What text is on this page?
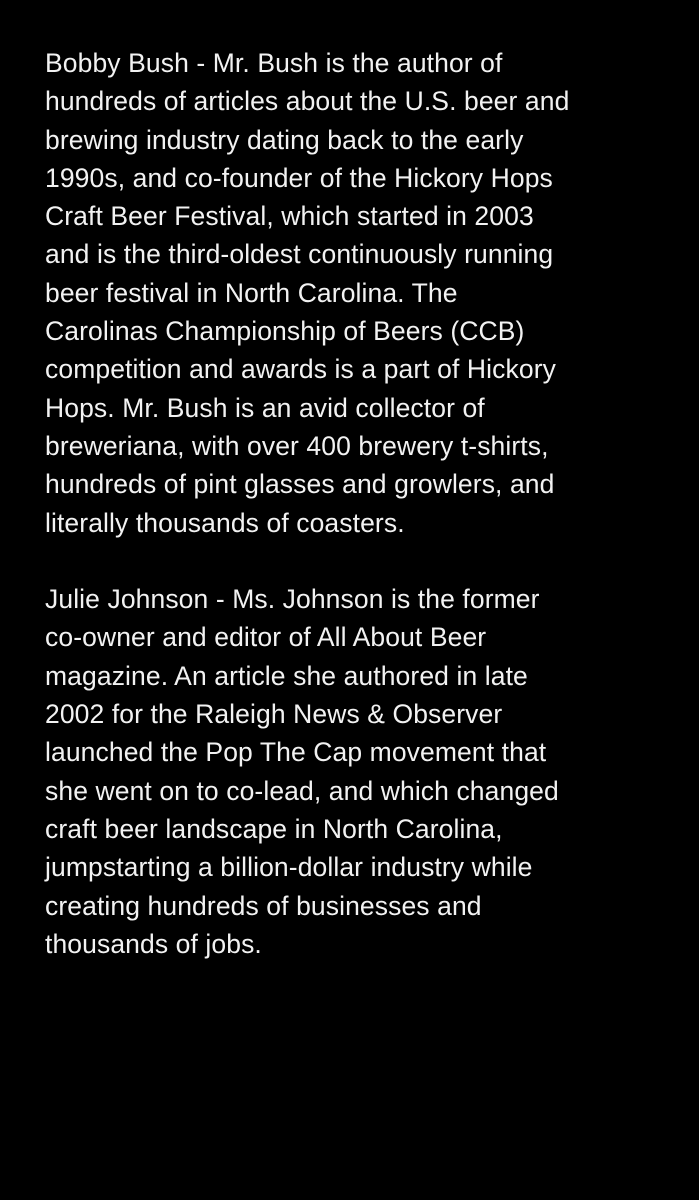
Bobby Bush - Mr. Bush is the author of
hundreds of articles about the U.S. beer and
brewing industry dating back to the early
1990s, and co-founder of the Hickory Hops
Craft Beer Festival, which started in 2003
and is the third-oldest continuously running
beer festival in North Carolina. The
Carolinas Championship of Beers (CCB)
competition and awards is a part of Hickory
Hops. Mr. Bush is an avid collector of
breweriana, with over 400 brewery t-shirts,
hundreds of pint glasses and growlers, and
literally thousands of coasters.

Julie Johnson - Ms. Johnson is the former
co-owner and editor of All About Beer
magazine. An article she authored in late
2002 for the Raleigh News & Observer
launched the Pop The Cap movement that
she went on to co-lead, and which changed
craft beer landscape in North Carolina,
jumpstarting a billion-dollar industry while
creating hundreds of businesses and
thousands of jobs.
